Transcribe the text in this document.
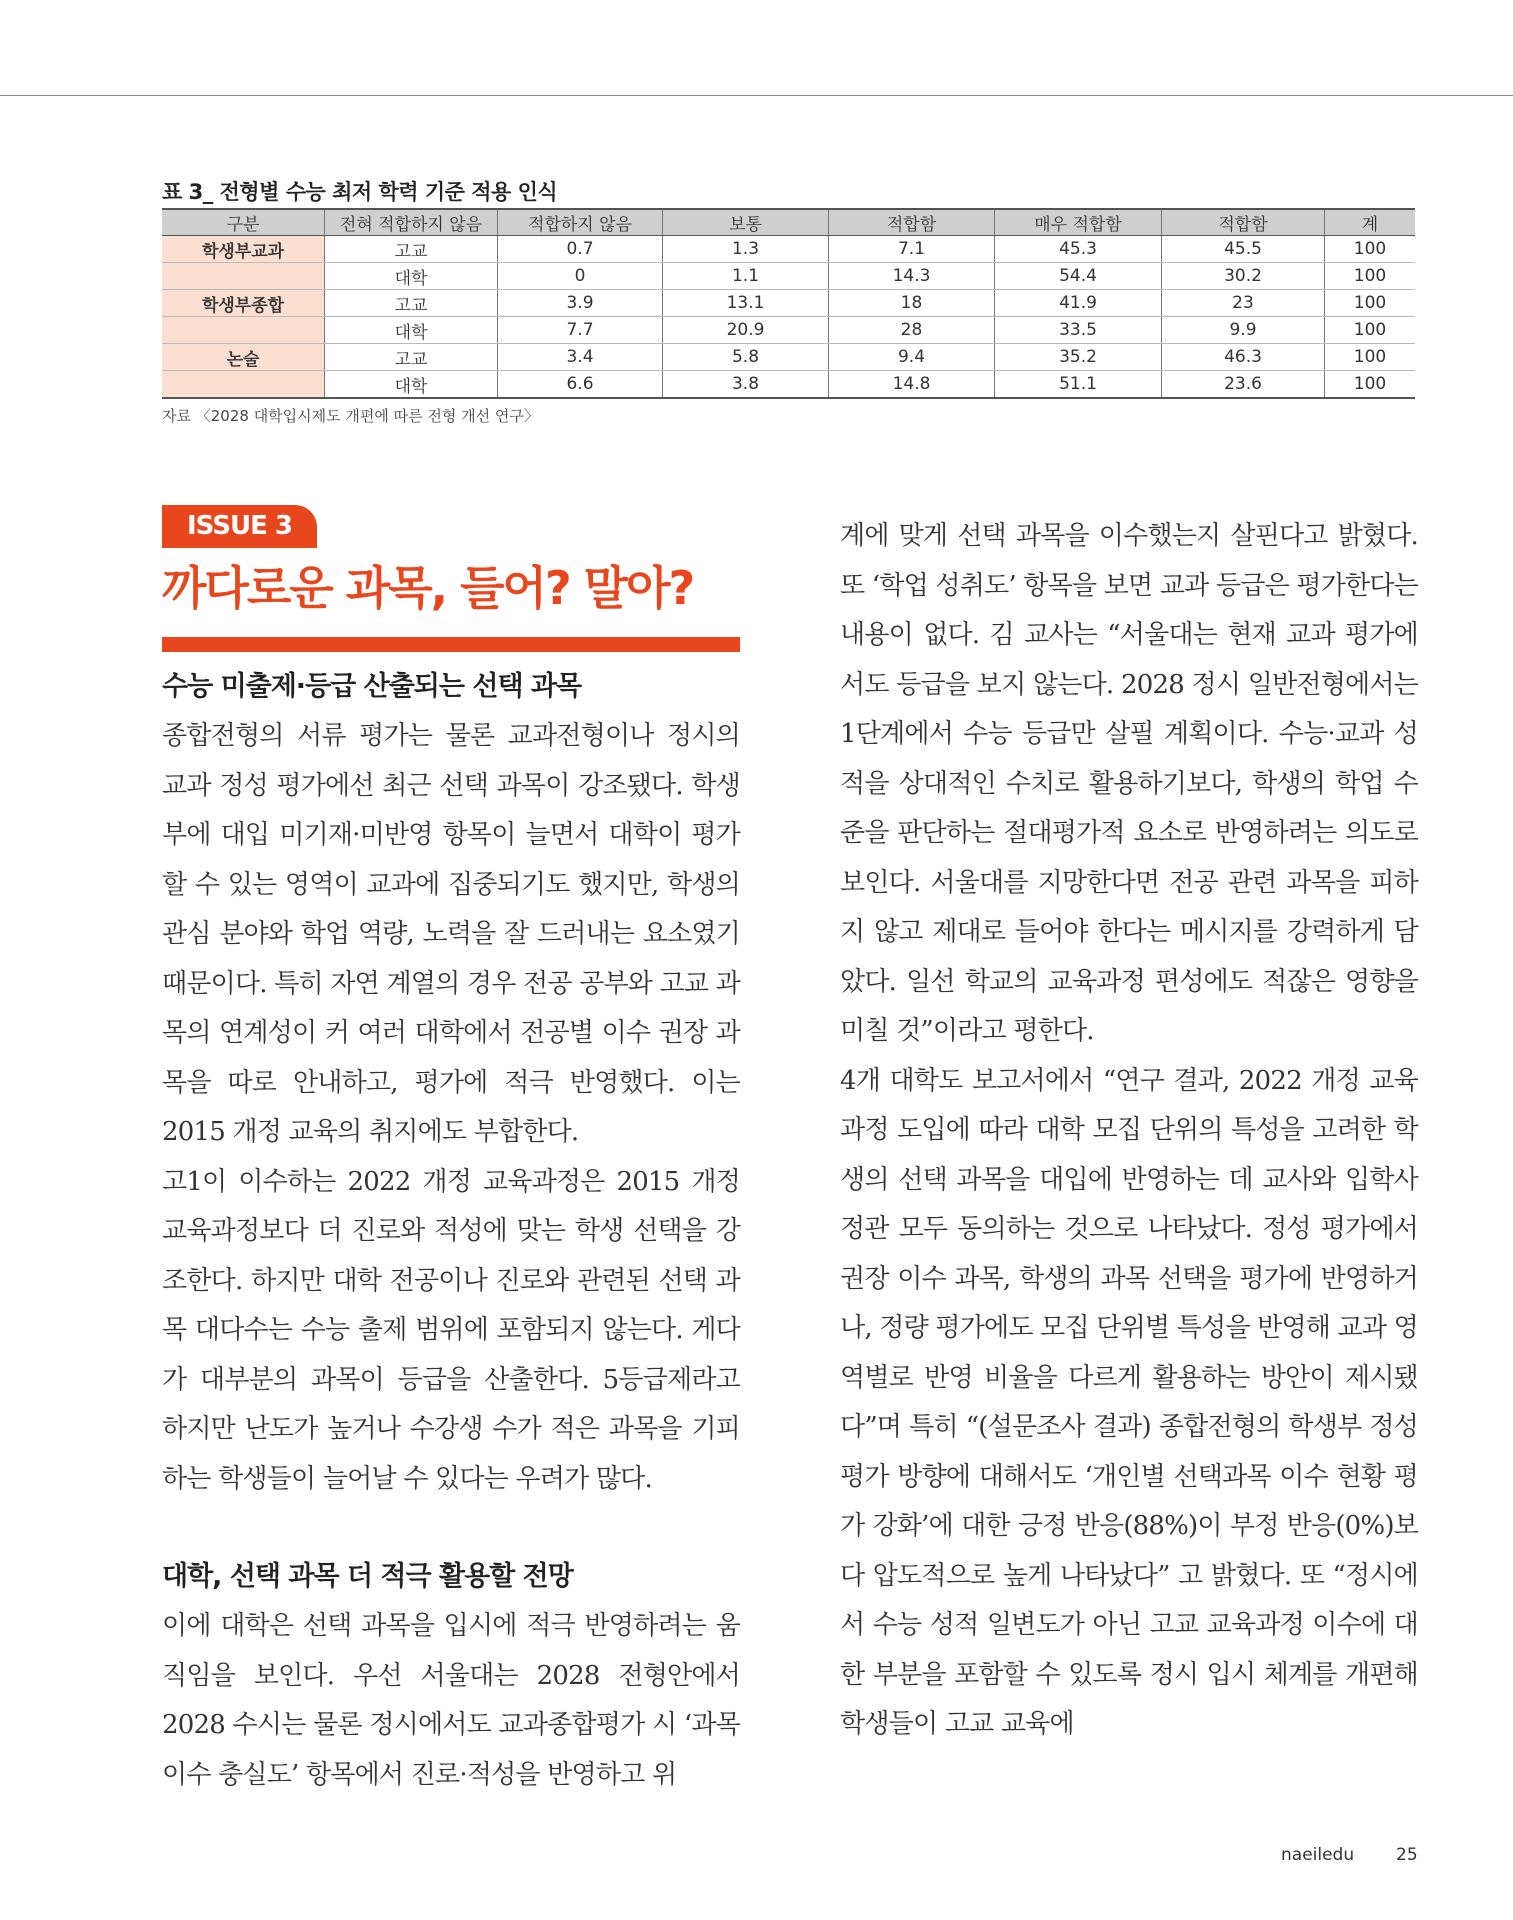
표 3_ 전형별 수능 최저 학력 기준 적용 인식
구분	전혀 적합하지 않음	적합하지 않음	보통	적합함	매우 적합함	적합함	계
학생부교과	고교	0.7	1.3	7.1	45.3	45.5	100
	대학	0	1.1	14.3	54.4	30.2	100
학생부종합	고교	3.9	13.1	18	41.9	23	100
	대학	7.7	20.9	28	33.5	9.9	100
논술	고교	3.4	5.8	9.4	35.2	46.3	100
	대학	6.6	3.8	14.8	51.1	23.6	100
자료 〈2028 대학입시제도 개편에 따른 전형 개선 연구〉
ISSUE 3
까다로운 과목, 들어? 말아?
수능 미출제·등급 산출되는 선택 과목

종합전형의 서류 평가는 물론 교과전형이나 정시의 교과 정성 평가에선 최근 선택 과목이 강조됐다. 학생부에 대입 미기재·미반영 항목이 늘면서 대학이 평가할 수 있는 영역이 교과에 집중되기도 했지만, 학생의 관심 분야와 학업 역량, 노력을 잘 드러내는 요소였기 때문이다. 특히 자연 계열의 경우 전공 공부와 고교 과목의 연계성이 커 여러 대학에서 전공별 이수 권장 과목을 따로 안내하고, 평가에 적극 반영했다. 이는 2015 개정 교육의 취지에도 부합한다.

고1이 이수하는 2022 개정 교육과정은 2015 개정 교육과정보다 더 진로와 적성에 맞는 학생 선택을 강조한다. 하지만 대학 전공이나 진로와 관련된 선택 과목 대다수는 수능 출제 범위에 포함되지 않는다. 게다가 대부분의 과목이 등급을 산출한다. 5등급제라고 하지만 난도가 높거나 수강생 수가 적은 과목을 기피하는 학생들이 늘어날 수 있다는 우려가 많다.

대학, 선택 과목 더 적극 활용할 전망

이에 대학은 선택 과목을 입시에 적극 반영하려는 움직임을 보인다. 우선 서울대는 2028 전형안에서 2028 수시는 물론 정시에서도 교과종합평가 시 ‘과목 이수 충실도’ 항목에서 진로·적성을 반영하고 위

계에 맞게 선택 과목을 이수했는지 살핀다고 밝혔다. 또 ‘학업 성취도’ 항목을 보면 교과 등급은 평가한다는 내용이 없다. 김 교사는 “서울대는 현재 교과 평가에서도 등급을 보지 않는다. 2028 정시 일반전형에서는 1단계에서 수능 등급만 살필 계획이다. 수능·교과 성적을 상대적인 수치로 활용하기보다, 학생의 학업 수준을 판단하는 절대평가적 요소로 반영하려는 의도로 보인다. 서울대를 지망한다면 전공 관련 과목을 피하지 않고 제대로 들어야 한다는 메시지를 강력하게 담았다. 일선 학교의 교육과정 편성에도 적잖은 영향을 미칠 것”이라고 평한다.

4개 대학도 보고서에서 “연구 결과, 2022 개정 교육과정 도입에 따라 대학 모집 단위의 특성을 고려한 학생의 선택 과목을 대입에 반영하는 데 교사와 입학사정관 모두 동의하는 것으로 나타났다. 정성 평가에서 권장 이수 과목, 학생의 과목 선택을 평가에 반영하거나, 정량 평가에도 모집 단위별 특성을 반영해 교과 영역별로 반영 비율을 다르게 활용하는 방안이 제시됐다”며 특히 “(설문조사 결과) 종합전형의 학생부 정성 평가 방향에 대해서도 ‘개인별 선택과목 이수 현황 평가 강화’에 대한 긍정 반응(88%)이 부정 반응(0%)보다 압도적으로 높게 나타났다” 고 밝혔다. 또 “정시에서 수능 성적 일변도가 아닌 고교 교육과정 이수에 대한 부분을 포함할 수 있도록 정시 입시 체계를 개편해 학생들이 고교 교육에

naeiledu 25
